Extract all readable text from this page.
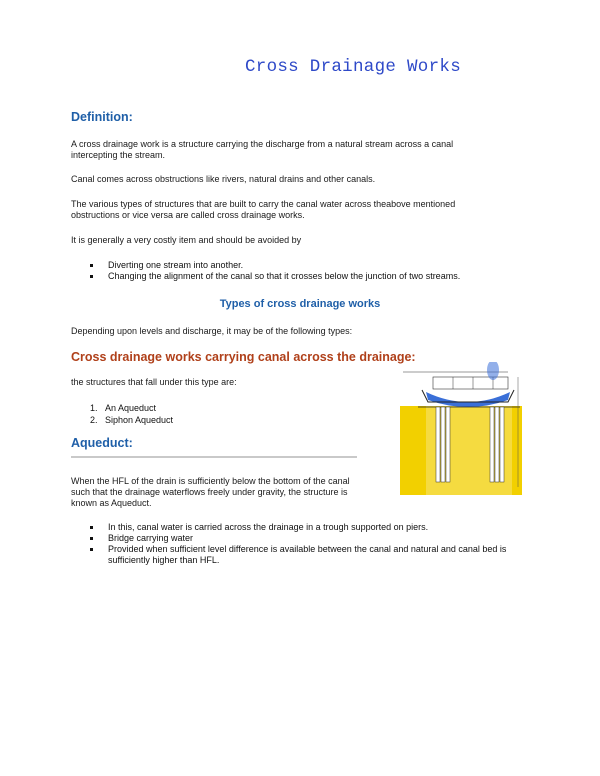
Cross Drainage Works
Definition:
A cross drainage work is a structure carrying the discharge from a natural stream across a canal intercepting the stream.
Canal comes across obstructions like rivers, natural drains and other canals.
The various types of structures that are built to carry the canal water across theabove mentioned obstructions or vice versa are called cross drainage works.
It is generally a very costly item and should be avoided by
Diverting one stream into another.
Changing the alignment of the canal so that it crosses below the junction of two streams.
Types of cross drainage works
Depending upon levels and discharge, it may be of the following types:
Cross drainage works carrying canal across the drainage:
the structures that fall under this type are:
1. An Aqueduct
2. Siphon Aqueduct
Aqueduct:
When the HFL of the drain is sufficiently below the bottom of the canal such that the drainage waterflows freely under gravity, the structure is known as Aqueduct.
In this, canal water is carried across the drainage in a trough supported on piers.
Bridge carrying water
Provided when sufficient level difference is available between the canal and natural and canal bed is sufficiently higher than HFL.
